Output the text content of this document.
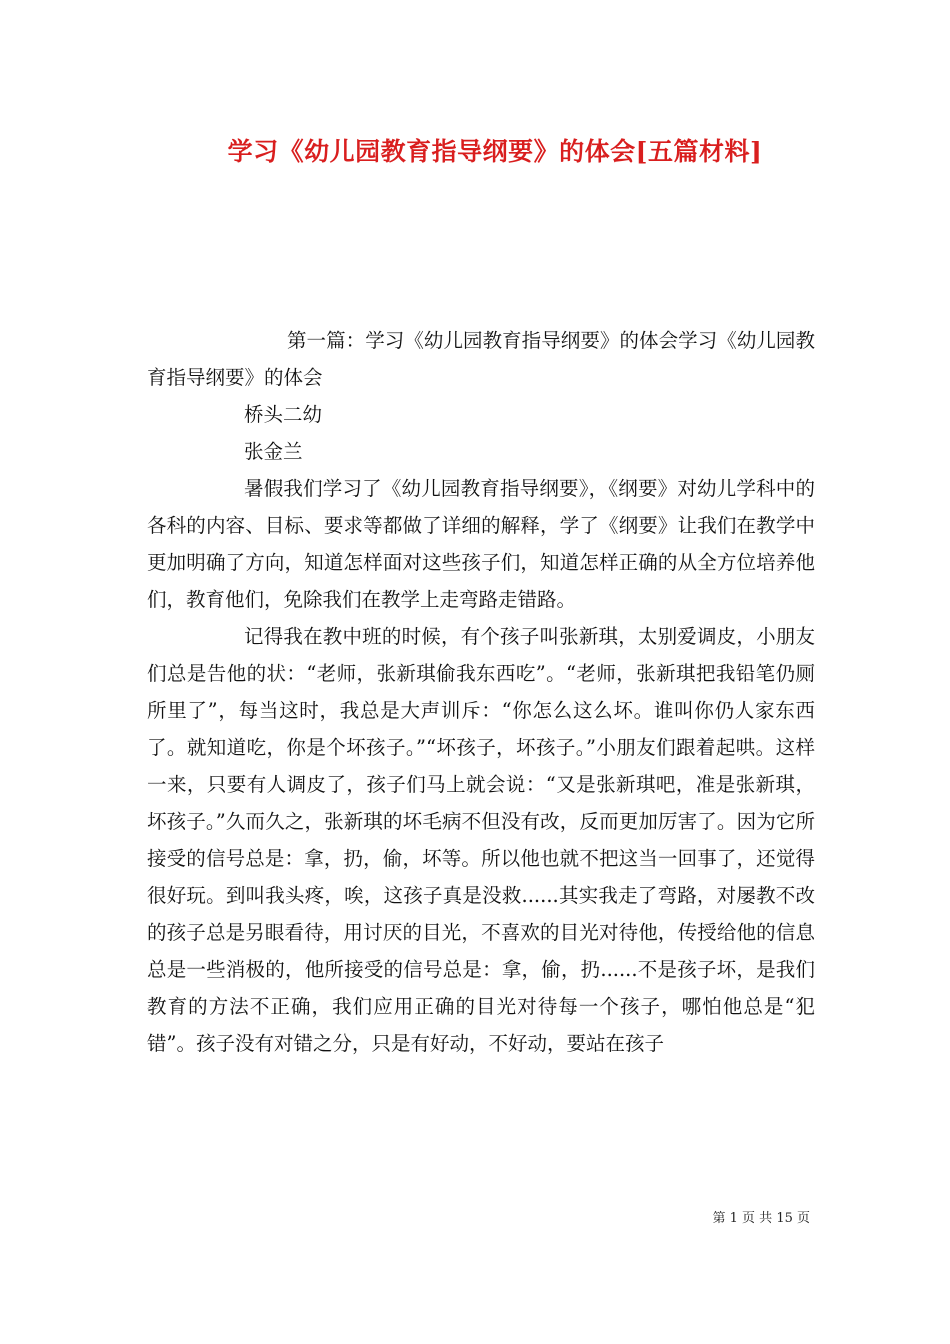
学习《幼儿园教育指导纲要》的体会[五篇材料]

第一篇：学习《幼儿园教育指导纲要》的体会学习《幼儿园教育指导纲要》的体会

桥头二幼

张金兰

暑假我们学习了《幼儿园教育指导纲要》，《纲要》对幼儿学科中的各科的内容、目标、要求等都做了详细的解释，学了《纲要》让我们在教学中更加明确了方向，知道怎样面对这些孩子们，知道怎样正确的从全方位培养他们，教育他们，免除我们在教学上走弯路走错路。

记得我在教中班的时候，有个孩子叫张新琪，太别爱调皮，小朋友们总是告他的状：“老师，张新琪偷我东西吃”。“老师，张新琪把我铅笔仍厕所里了”，每当这时，我总是大声训斥：“你怎么这么坏。谁叫你仍人家东西了。就知道吃，你是个坏孩子。”“坏孩子，坏孩子。”小朋友们跟着起哄。这样一来，只要有人调皮了，孩子们马上就会说：“又是张新琪吧，准是张新琪，坏孩子。”久而久之，张新琪的坏毛病不但没有改，反而更加厉害了。因为它所接受的信号总是：拿，扔，偷，坏等。所以他也就不把这当一回事了，还觉得很好玩。到叫我头疼，唉，这孩子真是没救......其实我走了弯路，对屡教不改的孩子总是另眼看待，用讨厌的目光，不喜欢的目光对待他，传授给他的信息总是一些消极的，他所接受的信号总是：拿，偷，扔......不是孩子坏，是我们教育的方法不正确，我们应用正确的目光对待每一个孩子，哪怕他总是“犯错”。孩子没有对错之分，只是有好动，不好动，要站在孩子

第 1 页 共 15 页
